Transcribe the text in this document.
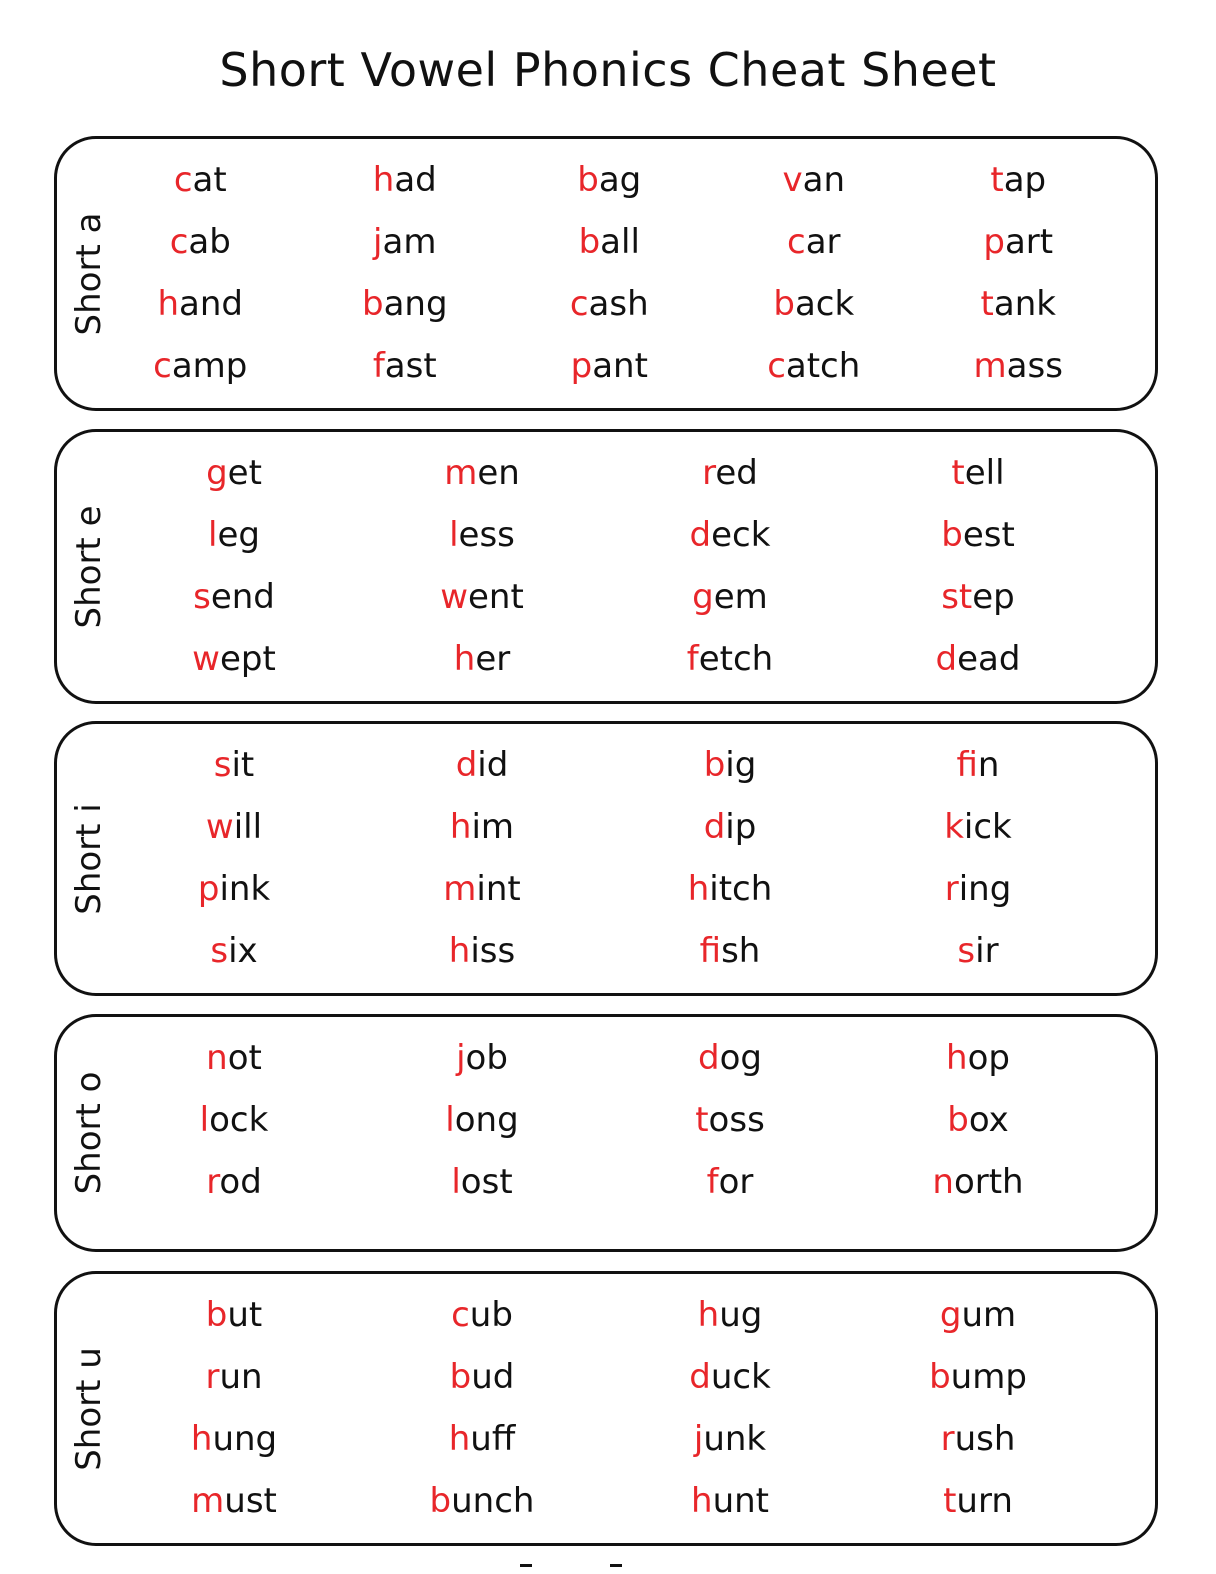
Short Vowel Phonics Cheat Sheet
Short a
cat	had	bag	van	tap
cab	jam	ball	car	part
hand	bang	cash	back	tank
camp	fast	pant	catch	mass
Short e
get	men	red	tell
leg	less	deck	best
send	went	gem	step
wept	her	fetch	dead
Short i
sit	did	big	fin
will	him	dip	kick
pink	mint	hitch	ring
six	hiss	fish	sir
Short o
not	job	dog	hop
lock	long	toss	box
rod	lost	for	north
Short u
but	cub	hug	gum
run	bud	duck	bump
hung	huff	junk	rush
must	bunch	hunt	turn
